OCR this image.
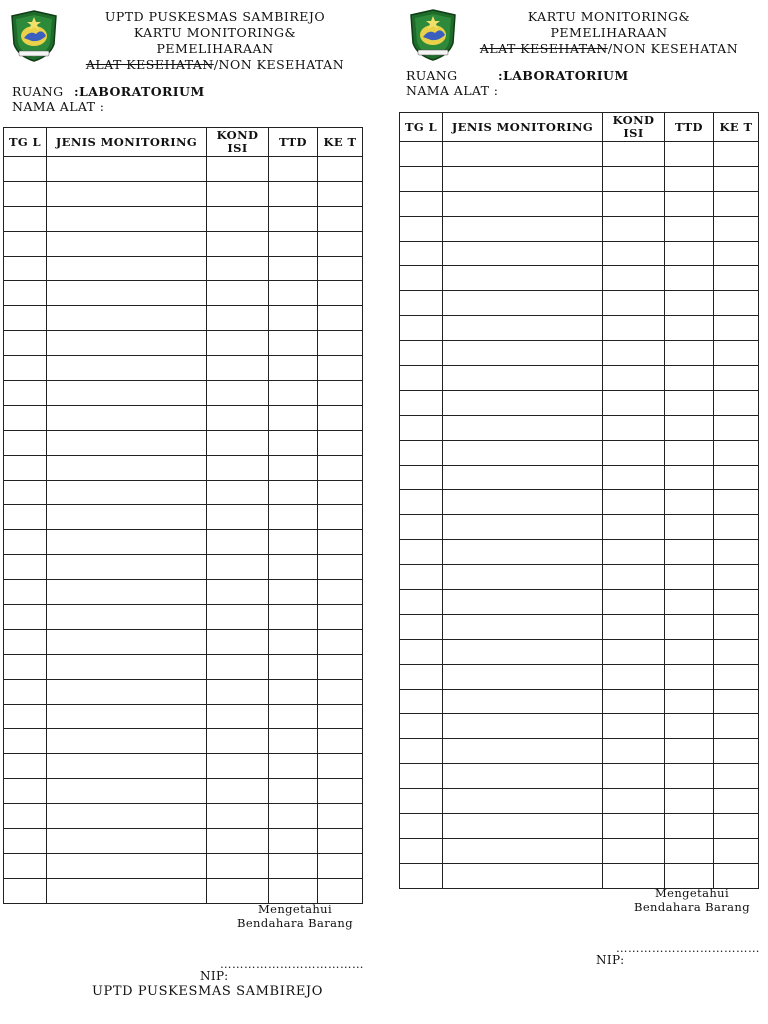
UPTD PUSKESMAS SAMBIREJO
KARTU MONITORING&
PEMELIHARAAN
ALAT KESEHATAN/NON KESEHATAN
RUANG :LABORATORIUM
NAMA ALAT :
TG L	JENIS MONITORING	KOND ISI	TTD	KE T

Mengetahui
Bendahara Barang
………………………………
NIP:
UPTD PUSKESMAS SAMBIREJO
KARTU MONITORING&
PEMELIHARAAN
ALAT KESEHATAN/NON KESEHATAN
RUANG	:LABORATORIUM
NAMA ALAT :
TG L	JENIS MONITORING	KOND ISI	TTD	KE T

Mengetahui
Bendahara Barang
………………………………
NIP:
